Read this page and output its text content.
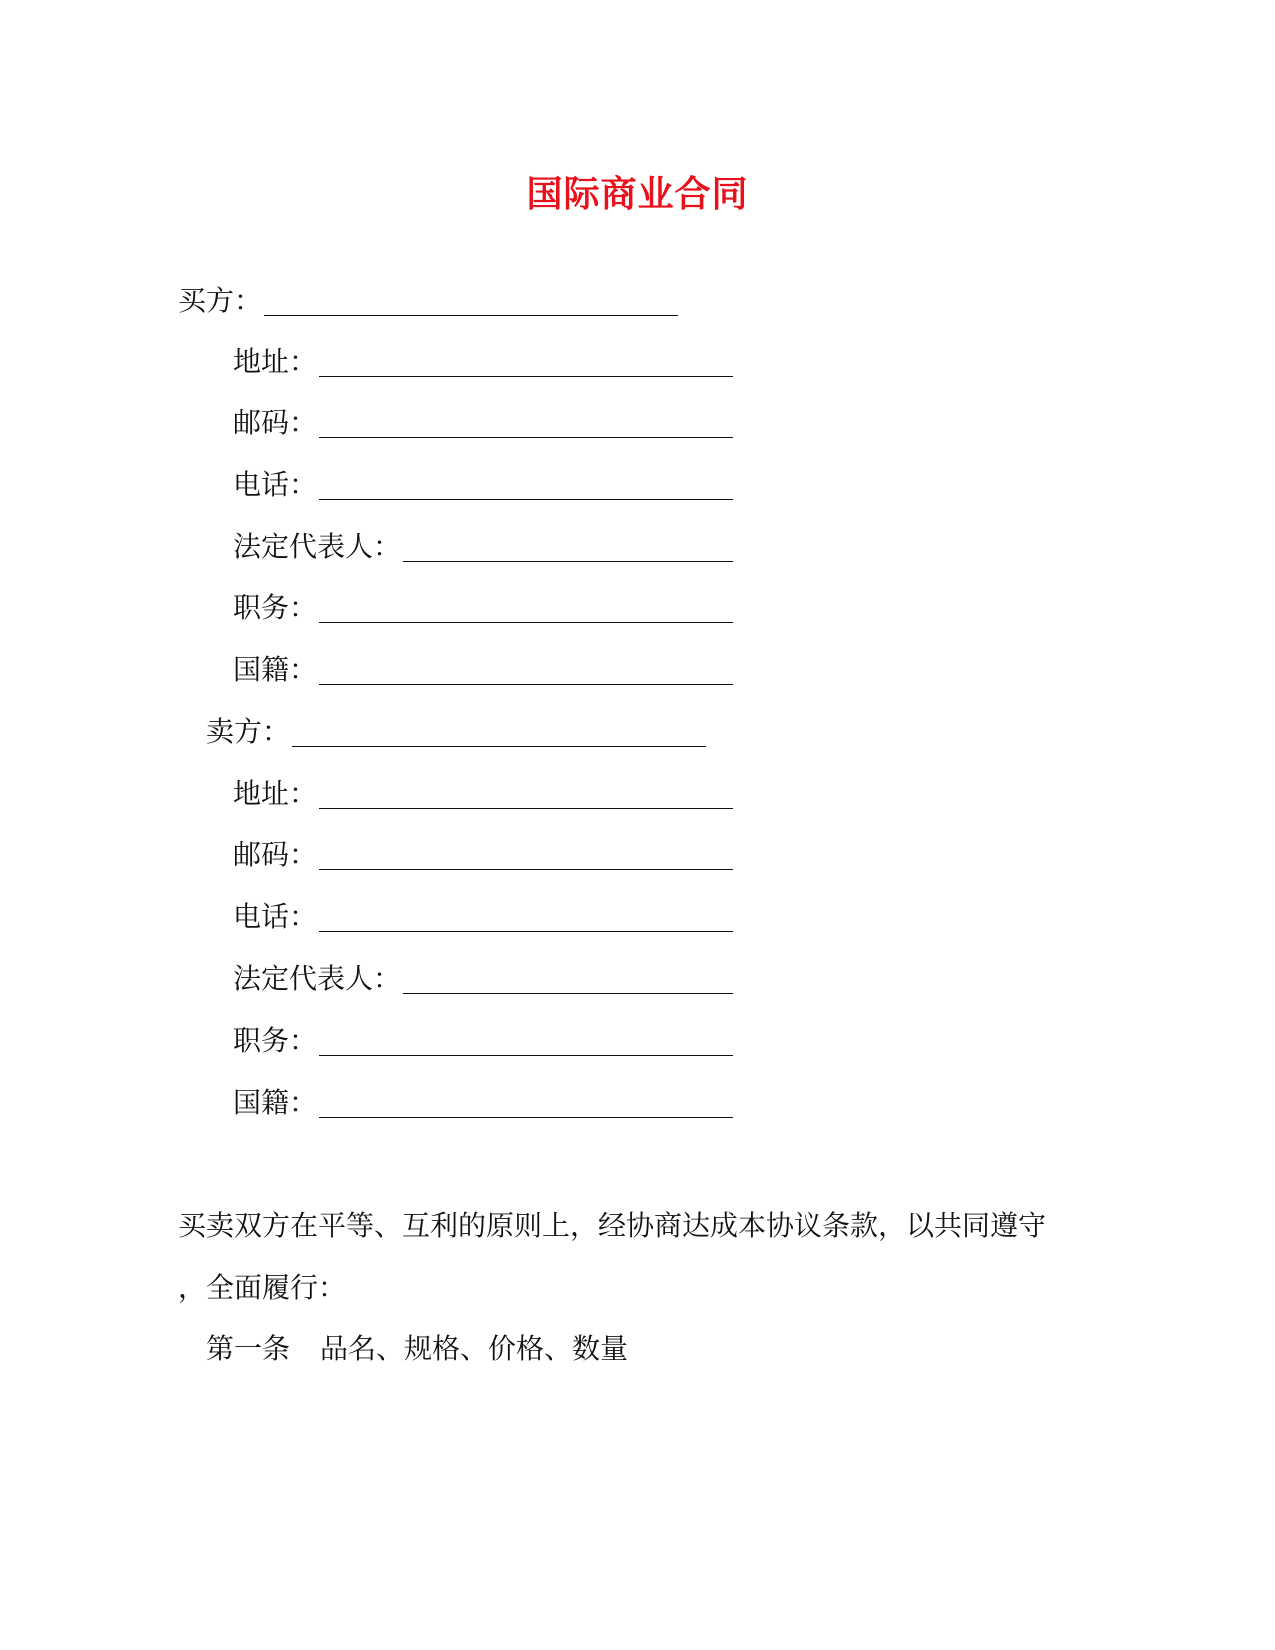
国际商业合同
买方：
地址：
邮码：
电话：
法定代表人：
职务：
国籍：
卖方：
地址：
邮码：
电话：
法定代表人：
职务：
国籍：
买卖双方在平等、互利的原则上，经协商达成本协议条款，以共同遵守
，全面履行：
第一条 品名、规格、价格、数量
